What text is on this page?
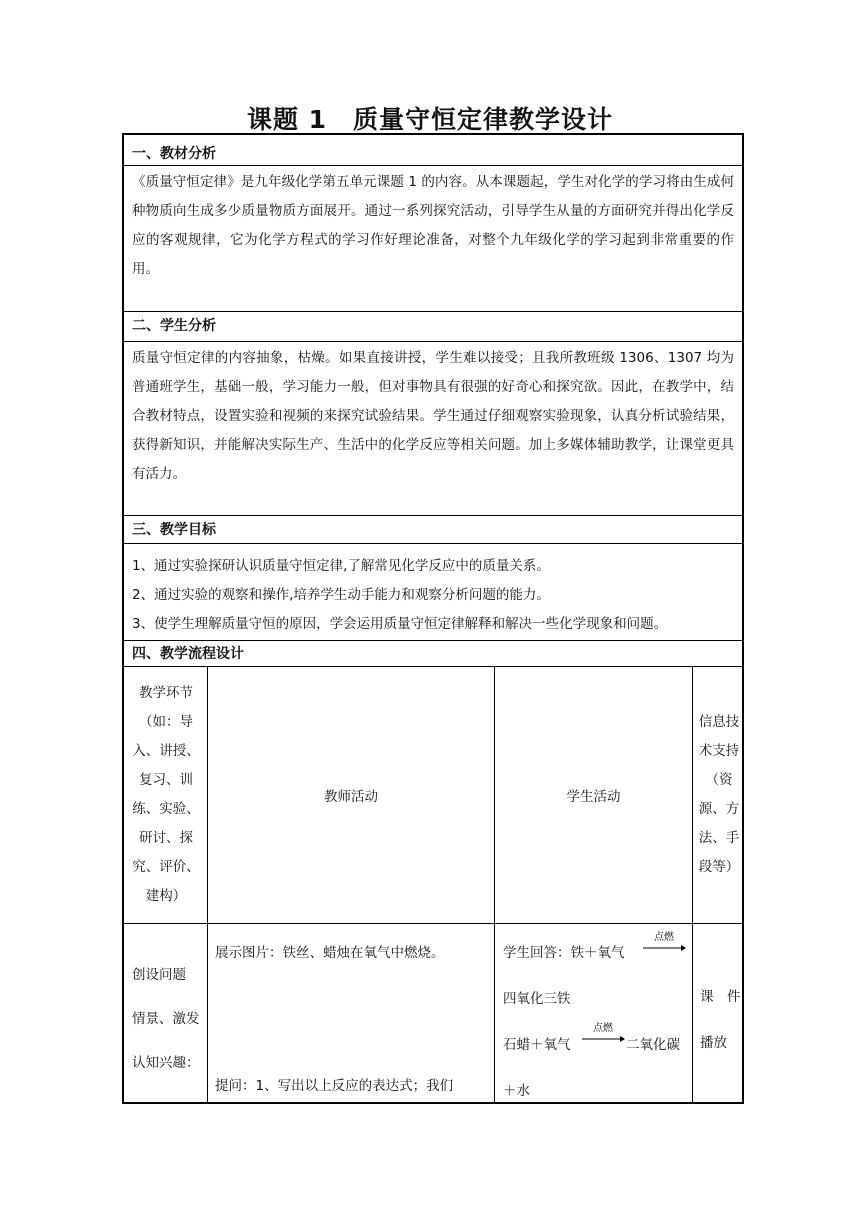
课题 1　质量守恒定律教学设计
一、教材分析
《质量守恒定律》是九年级化学第五单元课题 1 的内容。从本课题起，学生对化学的学习将由生成何种物质向生成多少质量物质方面展开。通过一系列探究活动，引导学生从量的方面研究并得出化学反应的客观规律，它为化学方程式的学习作好理论准备，对整个九年级化学的学习起到非常重要的作用。
二、学生分析
质量守恒定律的内容抽象，枯燥。如果直接讲授，学生难以接受；且我所教班级 1306、1307 均为普通班学生，基础一般，学习能力一般，但对事物具有很强的好奇心和探究欲。因此，在教学中，结合教材特点，设置实验和视频的来探究试验结果。学生通过仔细观察实验现象，认真分析试验结果，获得新知识，并能解决实际生产、生活中的化学反应等相关问题。加上多媒体辅助教学，让课堂更具有活力。
三、教学目标
1、通过实验探研认识质量守恒定律,了解常见化学反应中的质量关系。
2、通过实验的观察和操作,培养学生动手能力和观察分析问题的能力。
3、使学生理解质量守恒的原因，学会运用质量守恒定律解释和解决一些化学现象和问题。
四、教学流程设计
教学环节（如：导入、讲授、复习、训练、实验、研讨、探究、评价、建构）
教师活动	学生活动
信息技术支持（资源、方法、手段等）
创设问题
情景、激发
认知兴趣：
展示图片：铁丝、蜡烛在氧气中燃烧。
提问：1、写出以上反应的表达式；我们
学生回答：铁＋氧气
点燃
四氧化三铁
石蜡＋氧气
点燃
二氧化碳
＋水
课　件
播放
